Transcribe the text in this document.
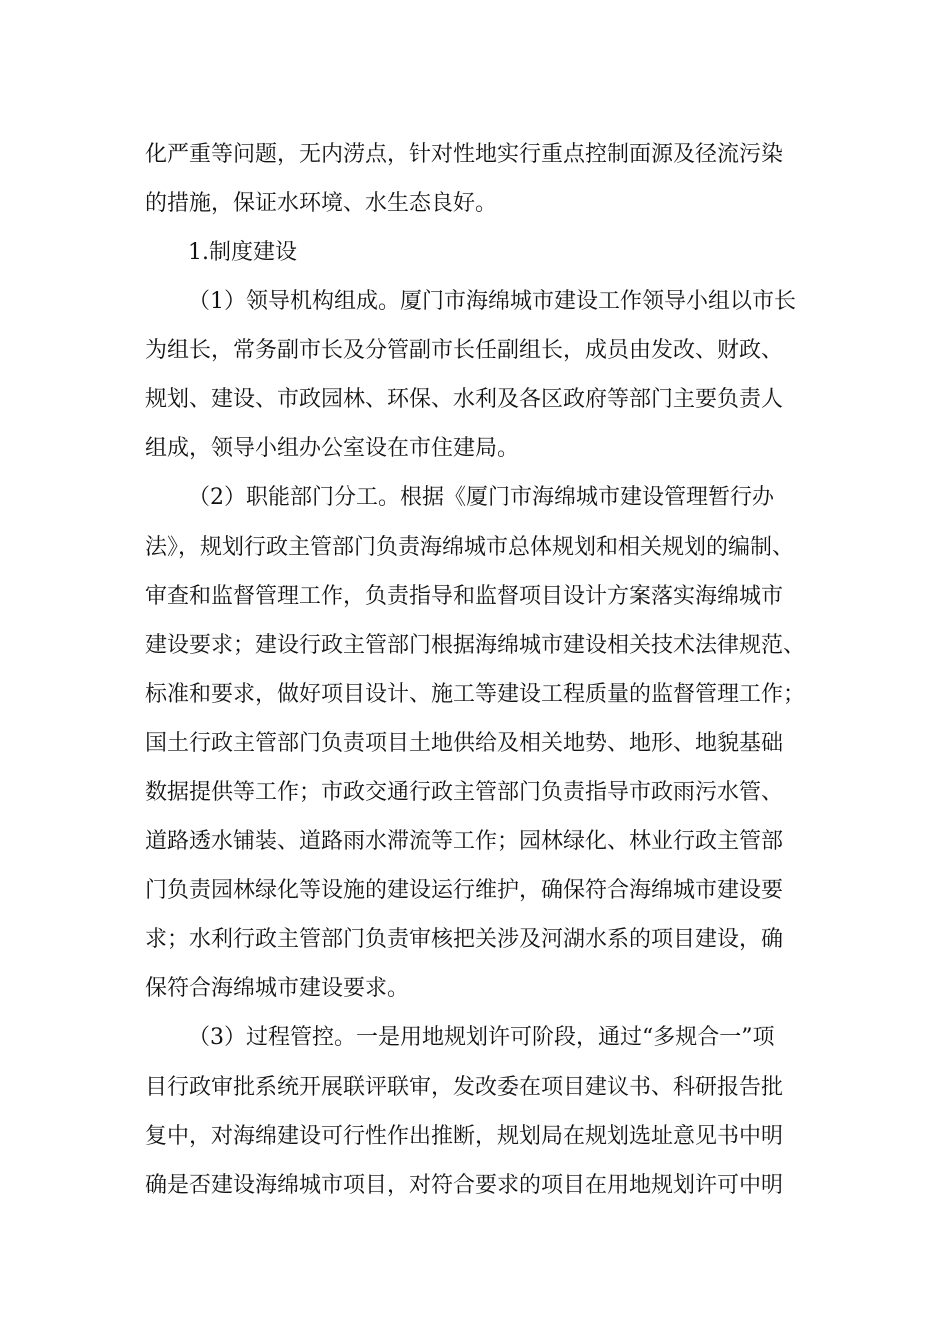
化严重等问题，无内涝点，针对性地实行重点控制面源及径流污染
的措施，保证水环境、水生态良好。
1.制度建设
（1）领导机构组成。厦门市海绵城市建设工作领导小组以市长
为组长，常务副市长及分管副市长任副组长，成员由发改、财政、
规划、建设、市政园林、环保、水利及各区政府等部门主要负责人
组成，领导小组办公室设在市住建局。
（2）职能部门分工。根据《厦门市海绵城市建设管理暂行办
法》，规划行政主管部门负责海绵城市总体规划和相关规划的编制、
审查和监督管理工作，负责指导和监督项目设计方案落实海绵城市
建设要求；建设行政主管部门根据海绵城市建设相关技术法律规范、
标准和要求，做好项目设计、施工等建设工程质量的监督管理工作；
国土行政主管部门负责项目土地供给及相关地势、地形、地貌基础
数据提供等工作；市政交通行政主管部门负责指导市政雨污水管、
道路透水铺装、道路雨水滞流等工作；园林绿化、林业行政主管部
门负责园林绿化等设施的建设运行维护，确保符合海绵城市建设要
求；水利行政主管部门负责审核把关涉及河湖水系的项目建设，确
保符合海绵城市建设要求。
（3）过程管控。一是用地规划许可阶段，通过“多规合一”项
目行政审批系统开展联评联审，发改委在项目建议书、科研报告批
复中，对海绵建设可行性作出推断，规划局在规划选址意见书中明
确是否建设海绵城市项目，对符合要求的项目在用地规划许可中明
